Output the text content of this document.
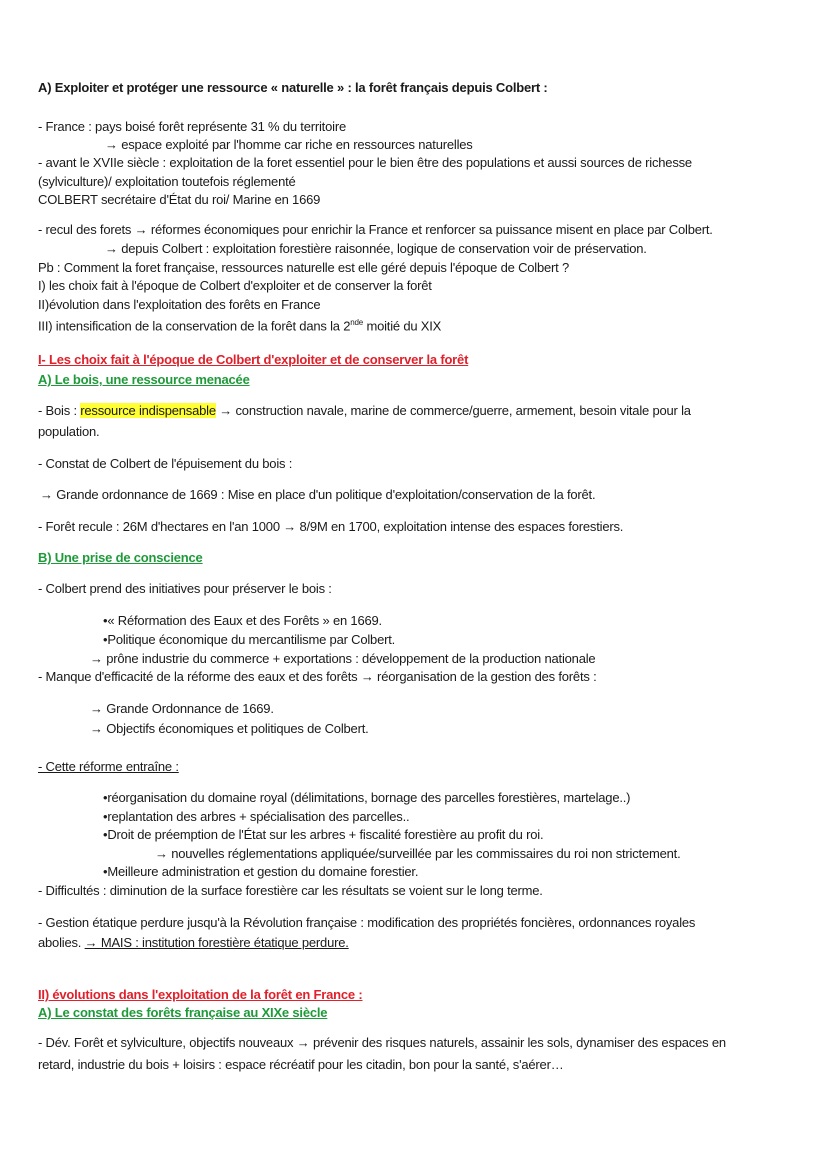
A) Exploiter et protéger une ressource « naturelle » : la forêt français depuis Colbert :
- France : pays boisé forêt représente 31 % du territoire
→ espace exploité par l'homme car riche en ressources naturelles
- avant le XVIIe siècle : exploitation de la foret essentiel pour le bien être des populations et aussi sources de richesse
(sylviculture)/ exploitation toutefois réglementé
COLBERT secrétaire d'État du roi/ Marine en 1669
- recul des forets → réformes économiques pour enrichir la France et renforcer sa puissance misent en place par Colbert.
→ depuis Colbert : exploitation forestière raisonnée, logique de conservation voir de préservation.
Pb : Comment la foret française, ressources naturelle est elle géré depuis l'époque de Colbert ?
I) les choix fait à l'époque de Colbert d'exploiter et de conserver la forêt
II)évolution dans l'exploitation des forêts en France
III) intensification de la conservation de la forêt dans la 2nde moitié du XIX
I- Les choix fait à l'époque de Colbert d'exploiter et de conserver la forêt
A) Le bois, une ressource menacée
- Bois : ressource indispensable → construction navale, marine de commerce/guerre, armement, besoin vitale pour la
population.
- Constat de Colbert de l'épuisement du bois :
→ Grande ordonnance de 1669 : Mise en place d'un politique d'exploitation/conservation de la forêt.
- Forêt recule : 26M d'hectares en l'an 1000 → 8/9M en 1700, exploitation intense des espaces forestiers.
B) Une prise de conscience
- Colbert prend des initiatives pour préserver le bois :
•« Réformation des Eaux et des Forêts » en 1669.
•Politique économique du mercantilisme par Colbert.
→ prône industrie du commerce + exportations : développement de la production nationale
- Manque d'efficacité de la réforme des eaux et des forêts → réorganisation de la gestion des forêts :
→ Grande Ordonnance de 1669.
→ Objectifs économiques et politiques de Colbert.
- Cette réforme entraîne :
•réorganisation du domaine royal (délimitations, bornage des parcelles forestières, martelage..)
•replantation des arbres + spécialisation des parcelles..
•Droit de préemption de l'État sur les arbres + fiscalité forestière au profit du roi.
→ nouvelles réglementations appliquée/surveillée par les commissaires du roi non strictement.
•Meilleure administration et gestion du domaine forestier.
- Difficultés : diminution de la surface forestière car les résultats se voient sur le long terme.
- Gestion étatique perdure jusqu'à la Révolution française : modification des propriétés foncières, ordonnances royales
abolies. → MAIS : institution forestière étatique perdure.
II) évolutions dans l'exploitation de la forêt en France :
A) Le constat des forêts française au XIXe siècle
- Dév. Forêt et sylviculture, objectifs nouveaux → prévenir des risques naturels, assainir les sols, dynamiser des espaces en
retard, industrie du bois + loisirs : espace récréatif pour les citadin, bon pour la santé, s'aérer…
